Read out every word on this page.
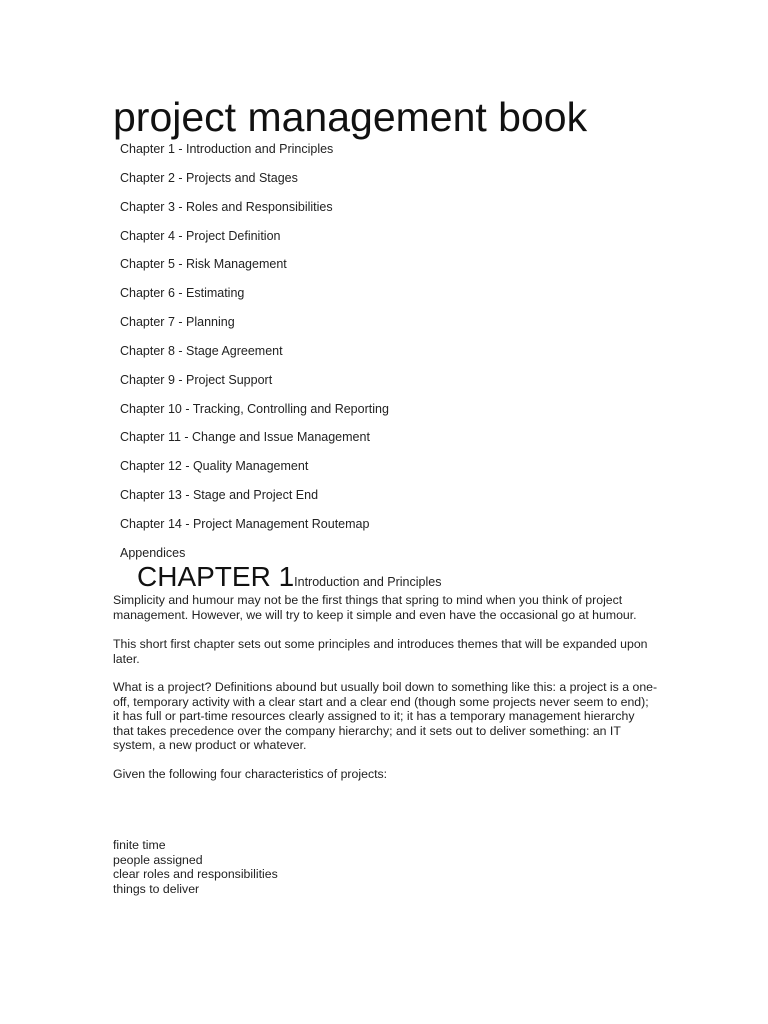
project management book
Chapter 1 - Introduction and Principles
Chapter 2 - Projects and Stages
Chapter 3 - Roles and Responsibilities
Chapter 4 - Project Definition
Chapter 5 - Risk Management
Chapter 6 - Estimating
Chapter 7 - Planning
Chapter 8 - Stage Agreement
Chapter 9 - Project Support
Chapter 10 - Tracking, Controlling and Reporting
Chapter 11 - Change and Issue Management
Chapter 12 - Quality Management
Chapter 13 - Stage and Project End
Chapter 14 - Project Management Routemap
Appendices
CHAPTER 1Introduction and Principles

Simplicity and humour may not be the first things that spring to mind when you think of project management. However, we will try to keep it simple and even have the occasional go at humour.

This short first chapter sets out some principles and introduces themes that will be expanded upon later.

What is a project? Definitions abound but usually boil down to something like this: a project is a one-off, temporary activity with a clear start and a clear end (though some projects never seem to end); it has full or part-time resources clearly assigned to it; it has a temporary management hierarchy that takes precedence over the company hierarchy; and it sets out to deliver something: an IT system, a new product or whatever.

Given the following four characteristics of projects:

finite time
people assigned
clear roles and responsibilities
things to deliver
